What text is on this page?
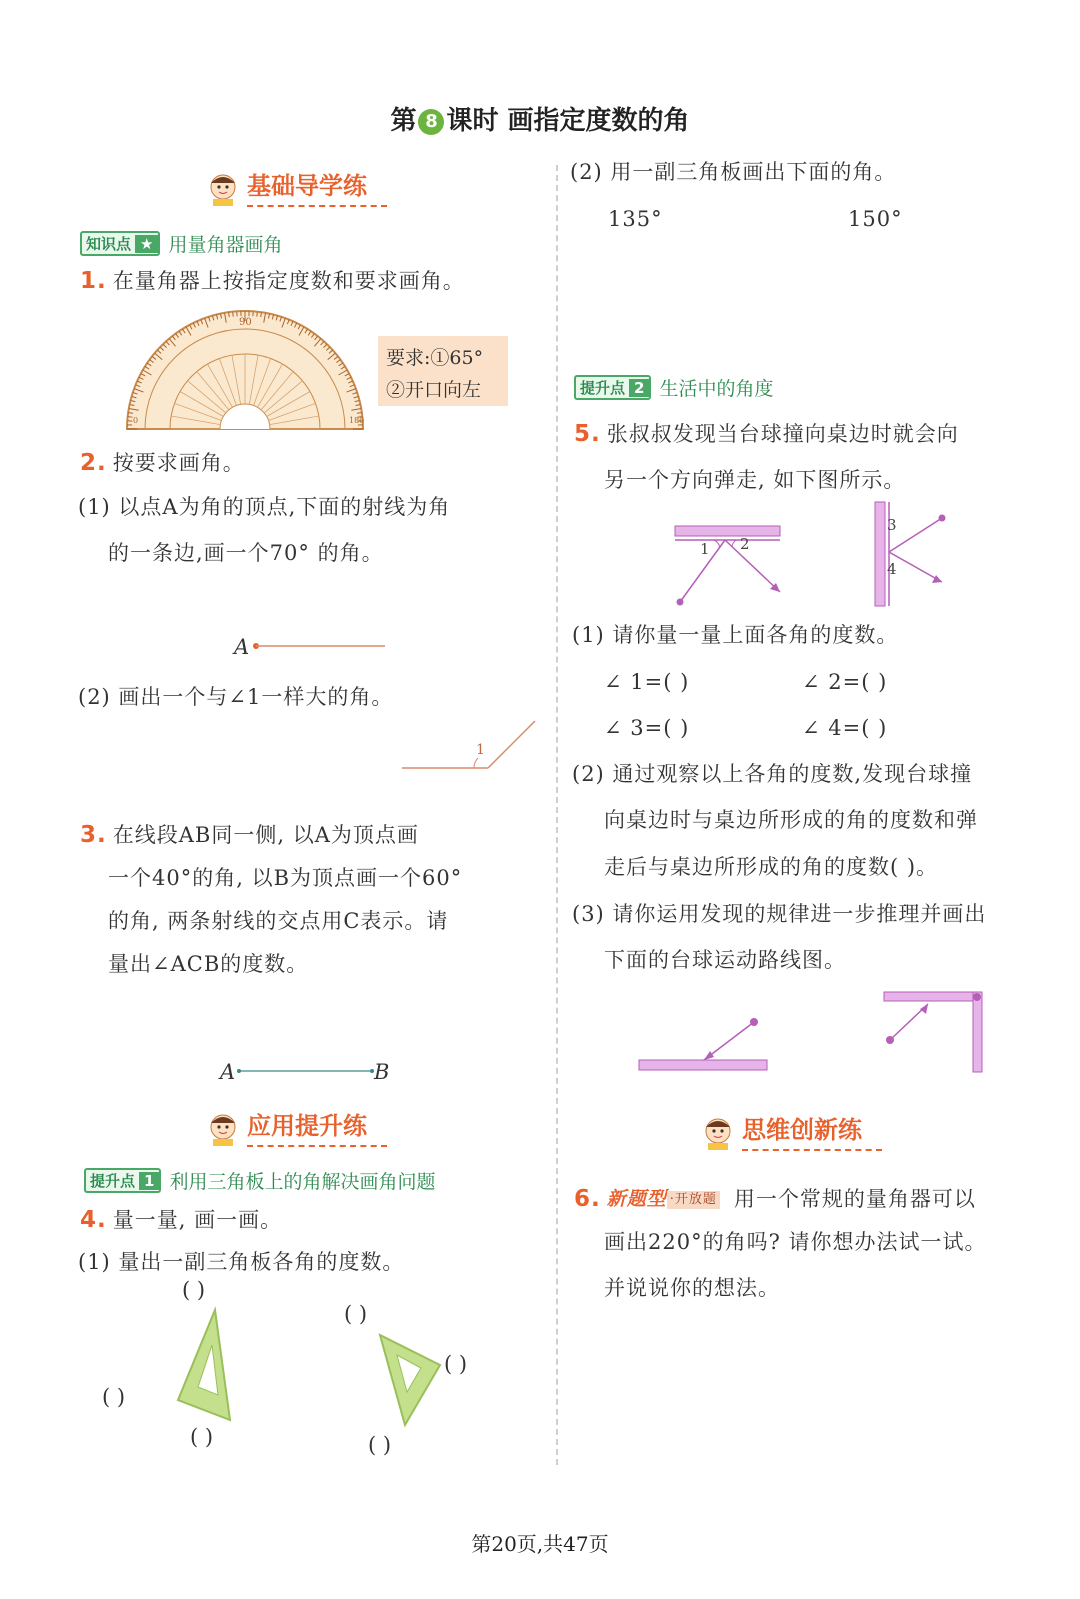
第 8 课时 画指定度数的角
基础导学练
知识点 ★ 用量角器画角
1. 在量角器上按指定度数和要求画角。
90
0	180
要求:①65°
②开口向左
2. 按要求画角。
(1) 以点A为角的顶点,下面的射线为角
的一条边,画一个70° 的角。
A
(2) 画出一个与∠1一样大的角。
1
3. 在线段AB同一侧, 以A为顶点画
一个40°的角, 以B为顶点画一个60°
的角, 两条射线的交点用C表示。请
量出∠ACB的度数。
A	B
应用提升练
提升点 1 利用三角板上的角解决画角问题
4. 量一量, 画一画。
(1) 量出一副三角板各角的度数。
( )
( )
( )
( )
( )
( )
(2) 用一副三角板画出下面的角。
135°	150°
提升点 2 生活中的角度
5. 张叔叔发现当台球撞向桌边时就会向
另一个方向弹走, 如下图所示。
1 2
3
4
(1) 请你量一量上面各角的度数。
∠ 1=( )	∠ 2=( )
∠ 3=( )	∠ 4=( )
(2) 通过观察以上各角的度数,发现台球撞
向桌边时与桌边所形成的角的度数和弹
走后与桌边所形成的角的度数( )。
(3) 请你运用发现的规律进一步推理并画出
下面的台球运动路线图。
思维创新练
6. 新题型 ·开放题 用一个常规的量角器可以
画出220°的角吗? 请你想办法试一试。
并说说你的想法。
第20页,共47页
